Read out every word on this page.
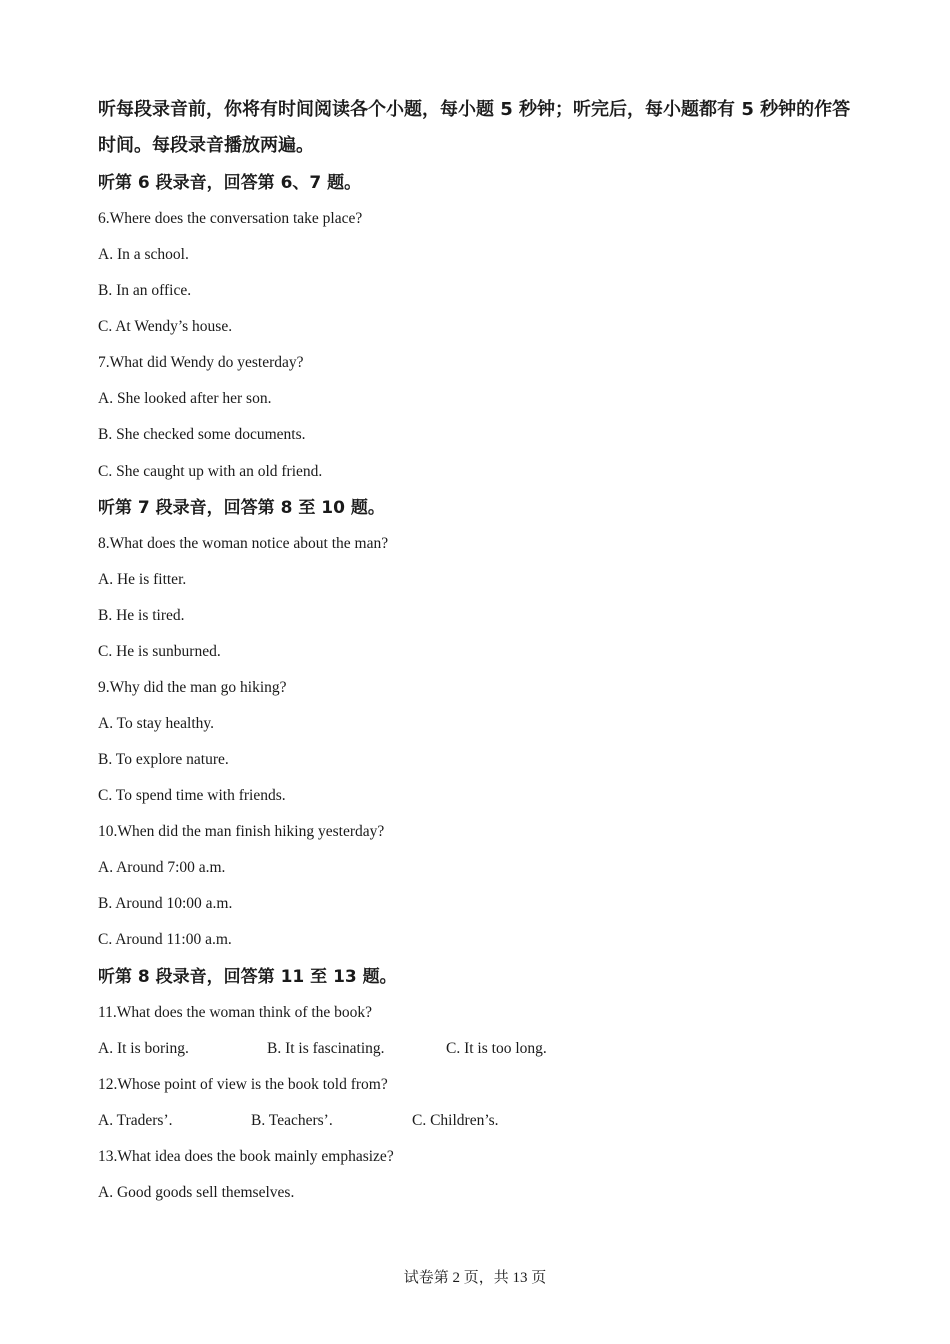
听每段录音前，你将有时间阅读各个小题，每小题 5 秒钟；听完后，每小题都有 5 秒钟的作答时间。每段录音播放两遍。

听第 6 段录音，回答第 6、7 题。

6.Where does the conversation take place?

A. In a school.

B. In an office.

C. At Wendy’s house.

7.What did Wendy do yesterday?

A. She looked after her son.

B. She checked some documents.

C. She caught up with an old friend.

听第 7 段录音，回答第 8 至 10 题。

8.What does the woman notice about the man?

A. He is fitter.

B. He is tired.

C. He is sunburned.

9.Why did the man go hiking?

A. To stay healthy.

B. To explore nature.

C. To spend time with friends.

10.When did the man finish hiking yesterday?

A. Around 7:00 a.m.

B. Around 10:00 a.m.

C. Around 11:00 a.m.

听第 8 段录音，回答第 11 至 13 题。

11.What does the woman think of the book?

A. It is boring.	B. It is fascinating.	C. It is too long.

12.Whose point of view is the book told from?

A. Traders’.	B. Teachers’.	C. Children’s.

13.What idea does the book mainly emphasize?

A. Good goods sell themselves.

试卷第 2 页，共 13 页
